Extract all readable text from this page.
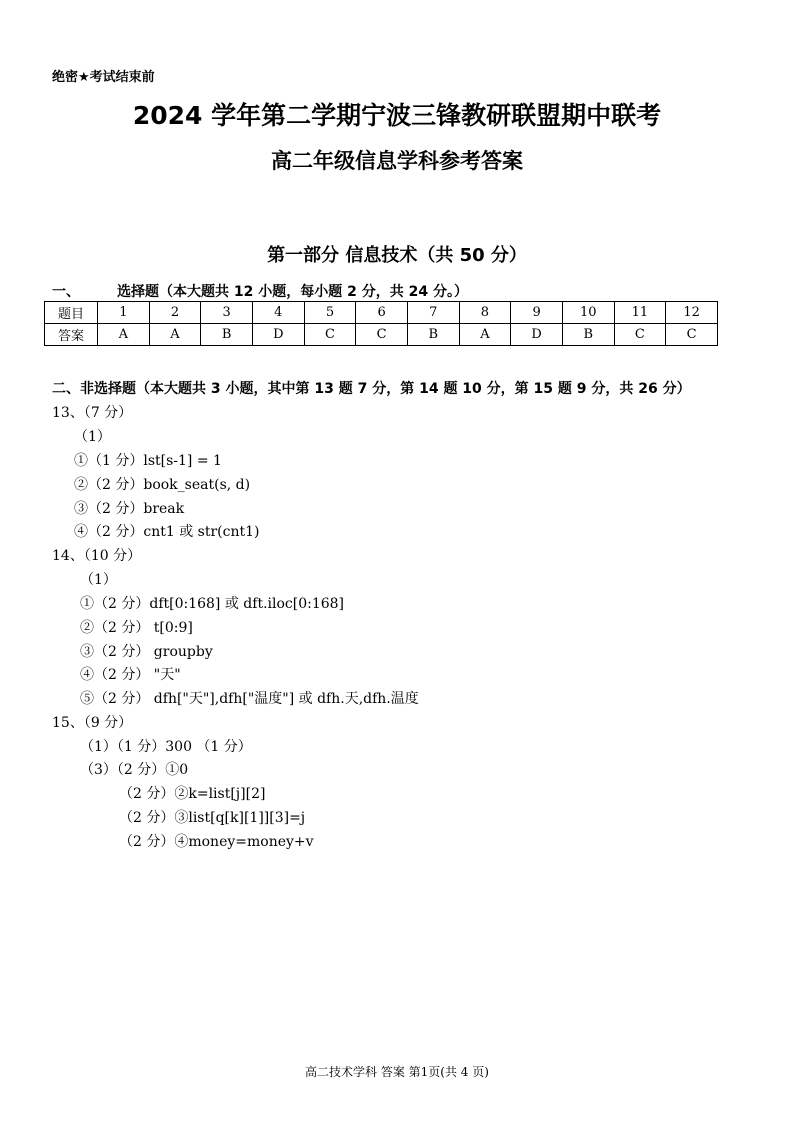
绝密★考试结束前
2024 学年第二学期宁波三锋教研联盟期中联考
高二年级信息学科参考答案
第一部分 信息技术（共 50 分）
一、	选择题（本大题共 12 小题，每小题 2 分，共 24 分。）
题目	1	2	3	4	5	6	7	8	9	10	11	12
答案	A	A	B	D	C	C	B	A	D	B	C	C
二、非选择题（本大题共 3 小题，其中第 13 题 7 分，第 14 题 10 分，第 15 题 9 分，共 26 分）
13、（7 分）
（1）
①（1 分）lst[s-1] = 1
②（2 分）book_seat(s, d)
③（2 分）break
④（2 分）cnt1 或 str(cnt1)
14、（10 分）
（1）
①（2 分）dft[0:168] 或 dft.iloc[0:168]
②（2 分） t[0:9]
③（2 分） groupby
④（2 分） "天"
⑤（2 分） dfh["天"],dfh["温度"] 或 dfh.天,dfh.温度
15、（9 分）
（1）（1 分）300 （1 分）
（3）（2 分）①0
（2 分）②k=list[j][2]
（2 分）③list[q[k][1]][3]=j
（2 分）④money=money+v
高二技术学科 答案 第1页(共 4 页)
